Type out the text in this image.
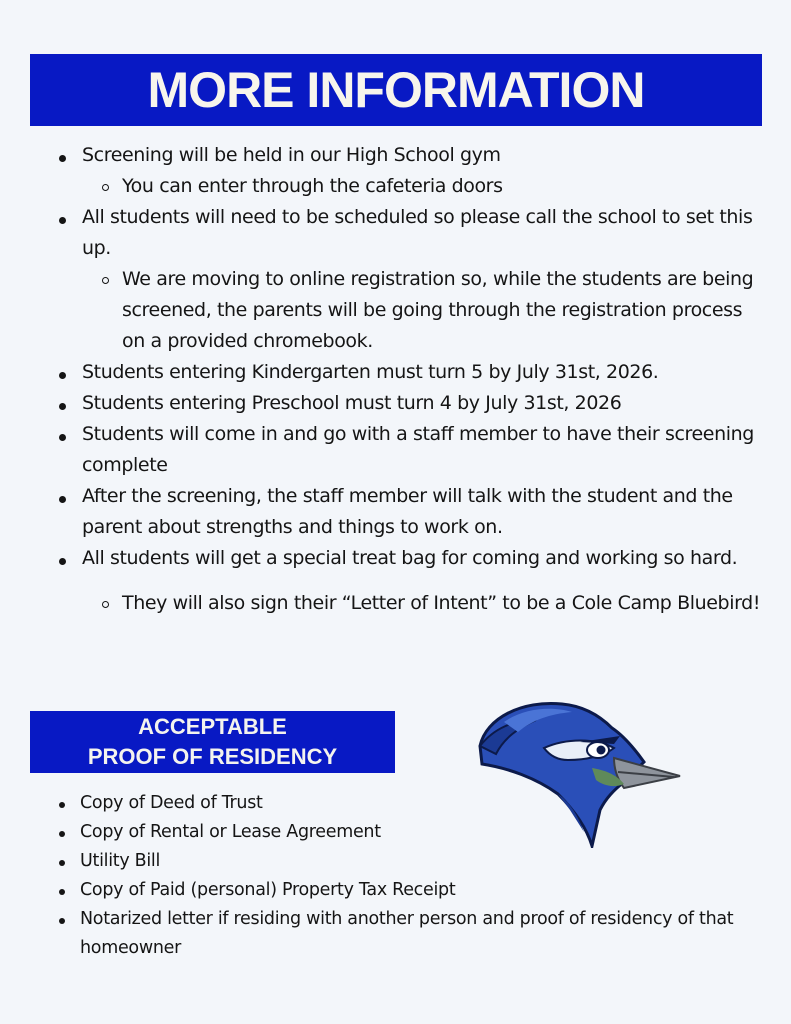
MORE INFORMATION
Screening will be held in our High School gym
You can enter through the cafeteria doors
All students will need to be scheduled so please call the school to set this up.
We are moving to online registration so, while the students are being screened, the parents will be going through the registration process on a provided chromebook.
Students entering Kindergarten must turn 5 by July 31st, 2026.
Students entering Preschool must turn 4 by July 31st, 2026
Students will come in and go with a staff member to have their screening complete
After the screening, the staff member will talk with the student and the parent about strengths and things to work on.
All students will get a special treat bag for coming and working so hard.
They will also sign their “Letter of Intent” to be a Cole Camp Bluebird!
ACCEPTABLE
PROOF OF RESIDENCY
Copy of Deed of Trust
Copy of Rental or Lease Agreement
Utility Bill
Copy of Paid (personal) Property Tax Receipt
Notarized letter if residing with another person and proof of residency of that homeowner
